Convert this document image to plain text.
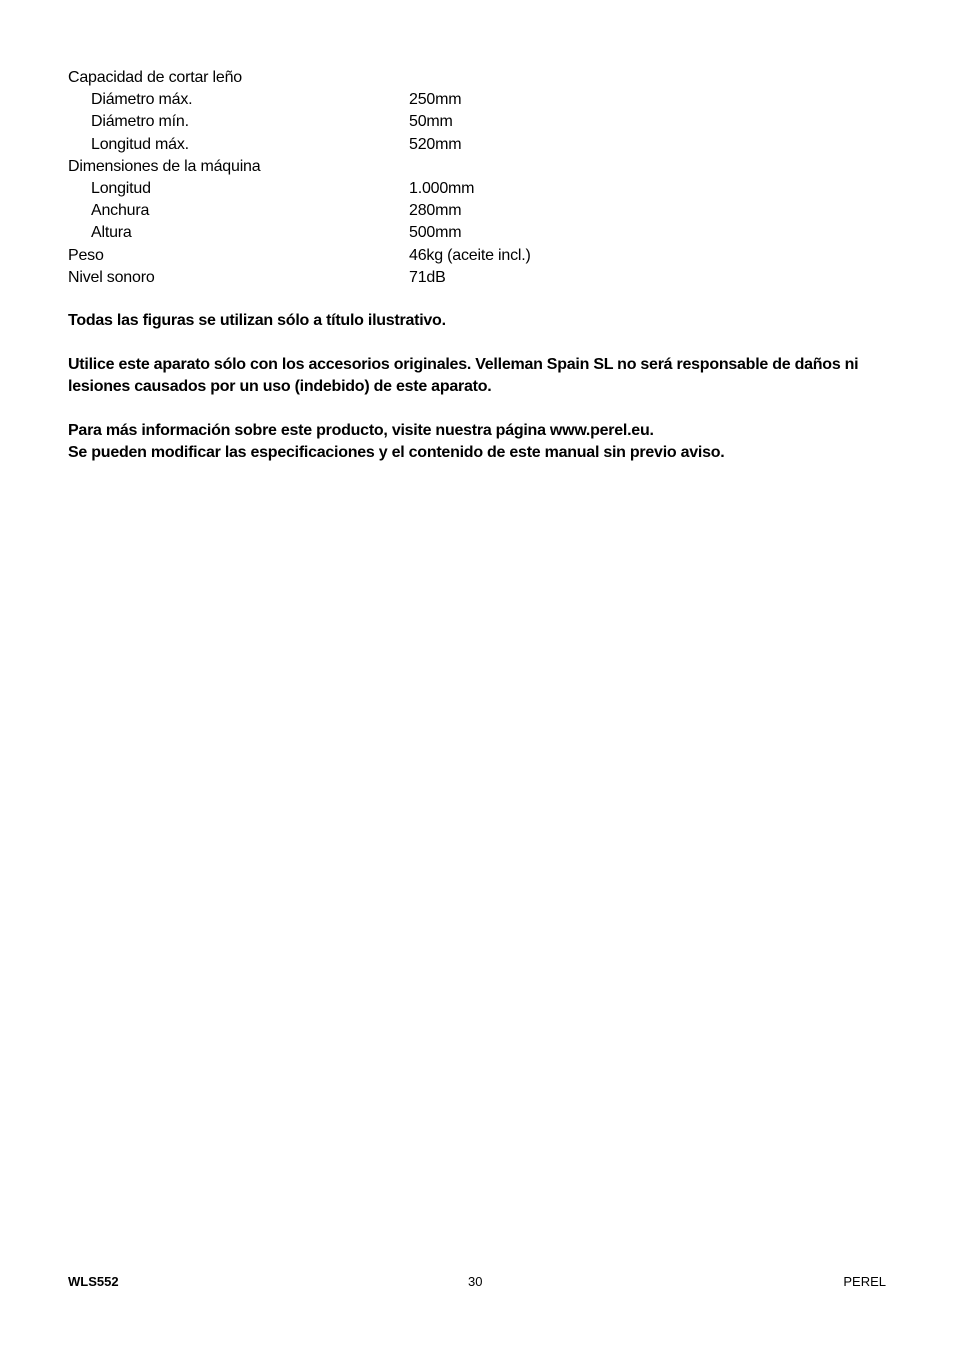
Capacidad de cortar leño
Diámetro máx.	250mm
Diámetro mín.	50mm
Longitud máx.	520mm
Dimensiones de la máquina
Longitud	1.000mm
Anchura	280mm
Altura	500mm
Peso	46kg (aceite incl.)
Nivel sonoro	71dB

Todas las figuras se utilizan sólo a título ilustrativo.

Utilice este aparato sólo con los accesorios originales. Velleman Spain SL no será responsable de daños ni
lesiones causados por un uso (indebido) de este aparato.

Para más información sobre este producto, visite nuestra página www.perel.eu.
Se pueden modificar las especificaciones y el contenido de este manual sin previo aviso.

WLS552	30	PEREL
